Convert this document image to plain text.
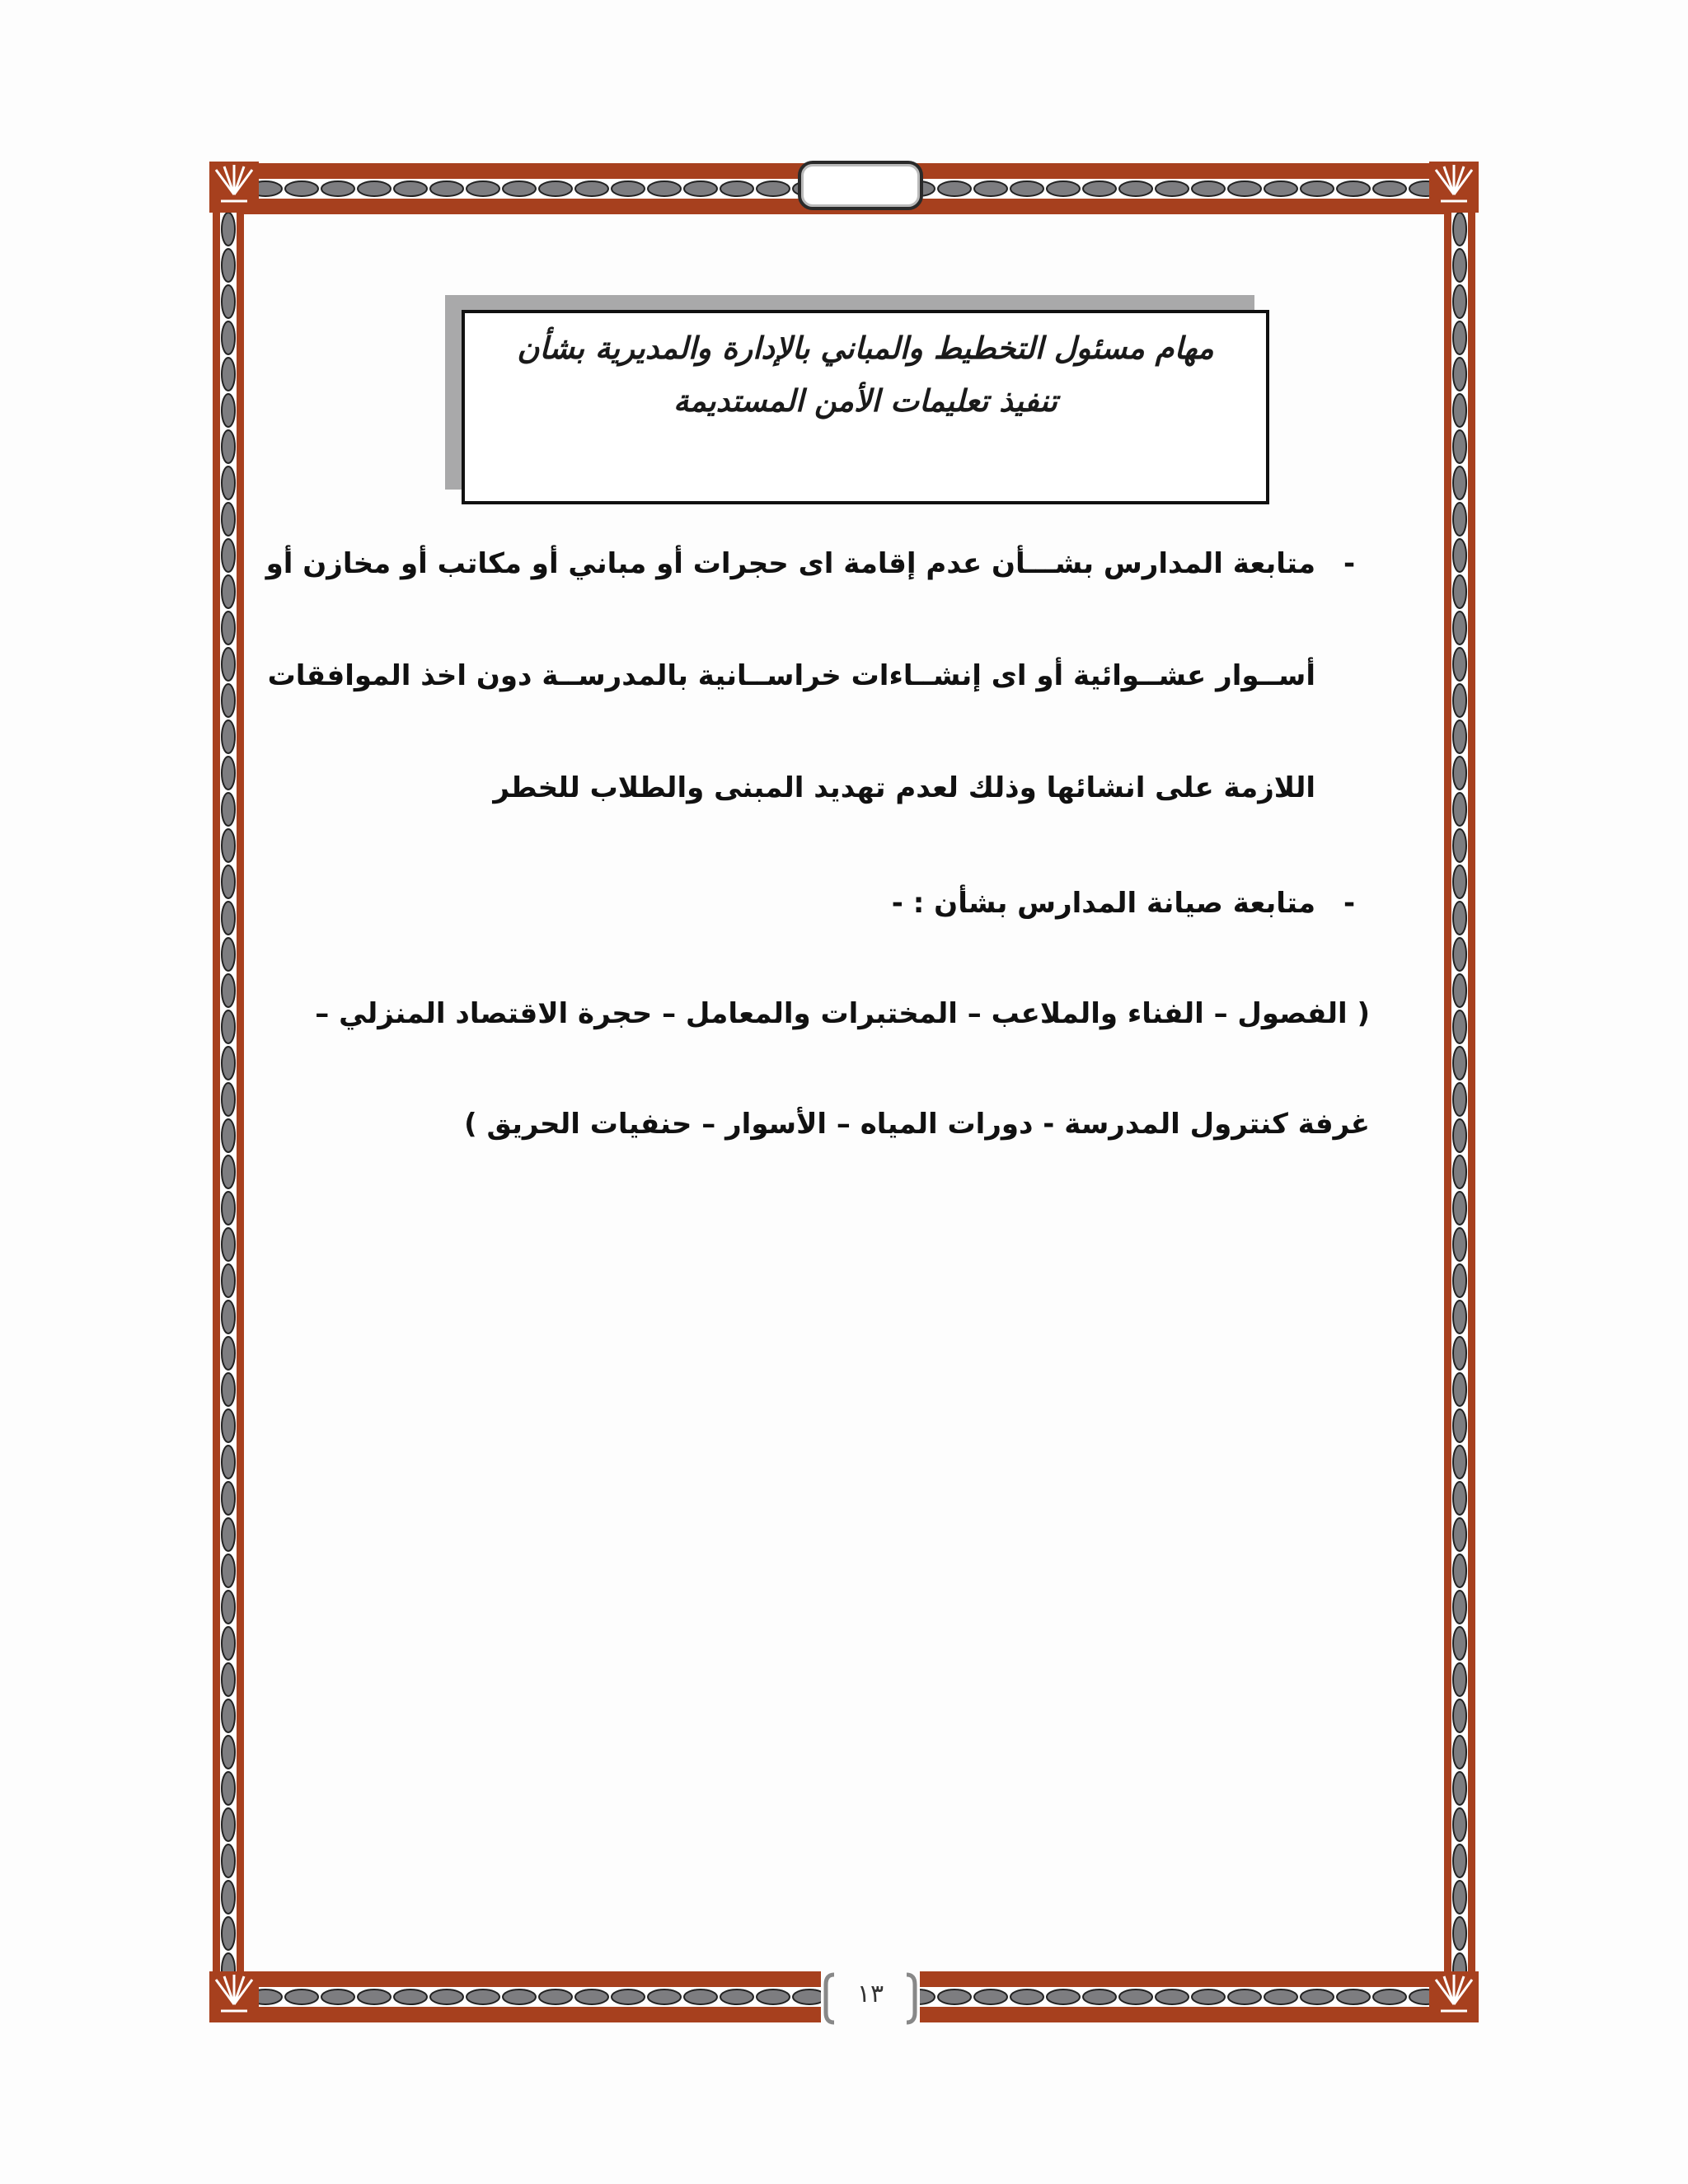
مهام مسئول التخطيط والمباني بالإدارة والمديرية بشأن
تنفيذ تعليمات الأمن المستديمة
-
متابعة المدارس بشـــأن عدم إقامة اى حجرات أو مباني أو مكاتب أو مخازن أو
أســوار عشــوائية أو اى إنشــاءات خراســانية بالمدرســة دون اخذ الموافقات
اللازمة على انشائها وذلك لعدم تهديد المبنى والطلاب للخطر
-
متابعة صيانة المدارس بشأن : -
( الفصول – الفناء والملاعب – المختبرات والمعامل – حجرة الاقتصاد المنزلي –
غرفة كنترول المدرسة - دورات المياه – الأسوار – حنفيات الحريق )
١٣
